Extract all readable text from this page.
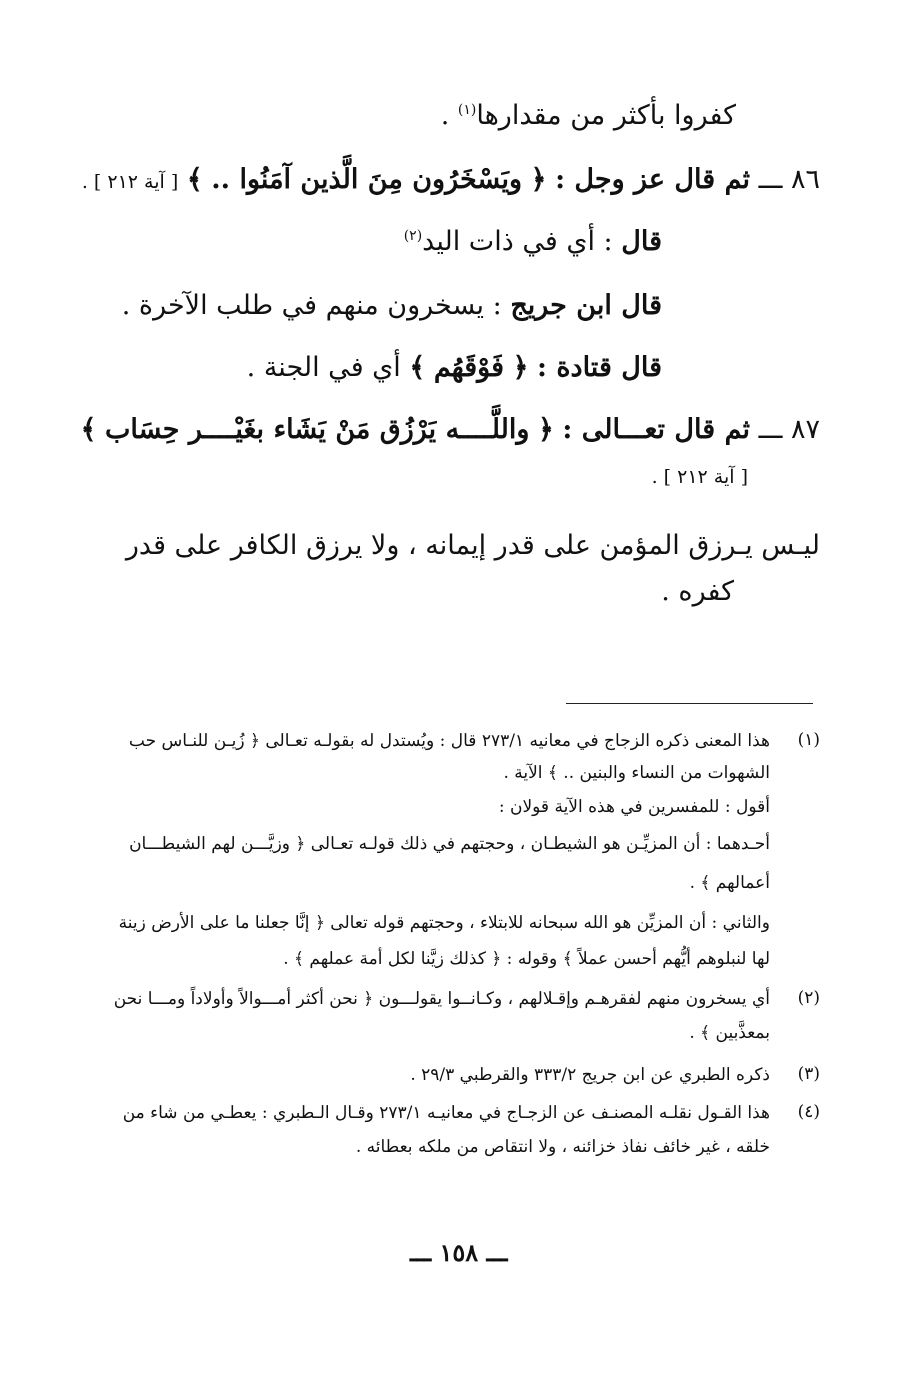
كفروا بأكثر من مقدارها$^{(١)}$ .
٨٦ ـــ ثم قال عز وجل : ﴿ ويَسْخَرُون مِنَ الَّذين آمَنُوا .. ﴾ [ آية ٢١٢ ] .
قال : أي في ذات اليد$^{(٢)}$
قال ابن جريج : يسخرون منهم في طلب الآخرة .
قال قتادة : ﴿ فَوْقَهُم ﴾ أي في الجنة .
٨٧ ـــ ثم قال تعـــالى : ﴿ واللَّــــه يَرْزُق مَنْ يَشَاء بغَيْــــر حِسَاب ﴾
[ آية ٢١٢ ] .
ليـس يـرزق المؤمن على قدر إيمانه ، ولا يرزق الكافر على قدر
كفره .
(١)
هذا المعنى ذكره الزجاج في معانيه ٢٧٣/١ قال : ويُستدل له بقولـه تعـالى ﴿ زُيـن للنـاس حب
الشهوات من النساء والبنين .. ﴾ الآية .
أقول : للمفسرين في هذه الآية قولان :
أحـدهما : أن المزيِّـن هو الشيطـان ، وحجتهم في ذلك قولـه تعـالى ﴿ وزيَّـــن لهم الشيطـــان
أعمالهم ﴾ .
والثاني : أن المزيِّن هو الله سبحانه للابتلاء ، وحجتهم قوله تعالى ﴿ إنَّا جعلنا ما على الأرض زينة
لها لنبلوهم أيُّهم أحسن عملاً ﴾ وقوله : ﴿ كذلك زيَّنا لكل أمة عملهم ﴾ .
(٢)
أي يسخرون منهم لفقرهـم وإقـلالهم ، وكـانــوا يقولـــون ﴿ نحن أكثر أمـــوالاً وأولاداً ومـــا نحن
بمعذَّبين ﴾ .
(٣)
ذكره الطبري عن ابن جريج ٣٣٣/٢ والقرطبي ٢٩/٣ .
(٤)
هذا القـول نقلـه المصنـف عن الزجـاج في معانيـه ٢٧٣/١ وقـال الـطبري : يعطـي من شاء من
خلقه ، غير خائف نفاذ خزائنه ، ولا انتقاص من ملكه بعطائه .
ـــ ١٥٨ ـــ
